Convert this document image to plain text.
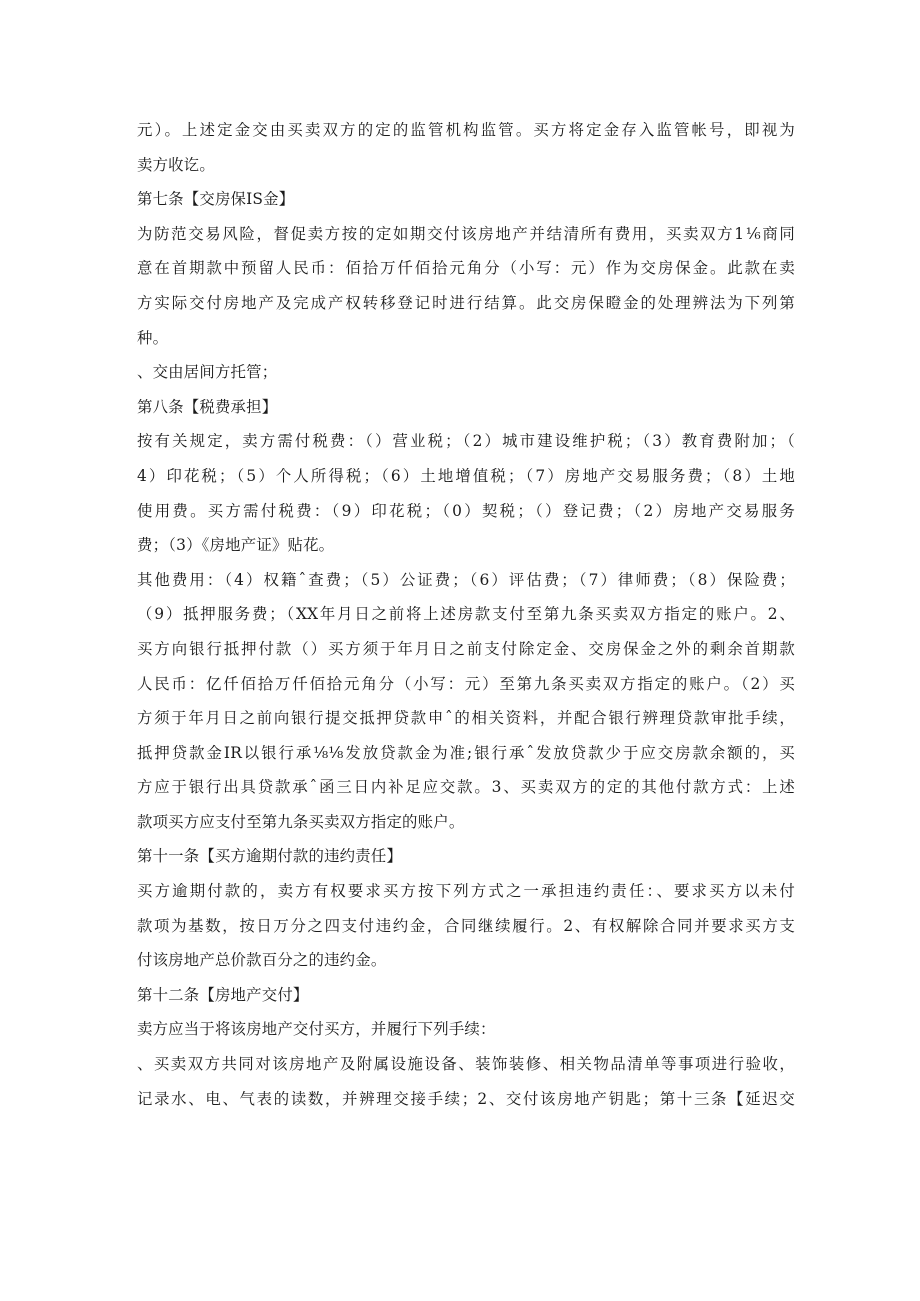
元）。上述定金交由买卖双方的定的监管机构监管。买方将定金存入监管帐号，即视为
卖方收讫。
第七条【交房保IS金】
为防范交易风险，督促卖方按的定如期交付该房地产并结清所有费用，买卖双方1⅙商同
意在首期款中预留人民币：佰拾万仟佰拾元角分（小写：元）作为交房保金。此款在卖
方实际交付房地产及完成产权转移登记时进行结算。此交房保瞪金的处理辨法为下列第
种。
、交由居间方托管；
第八条【税费承担】
按有关规定，卖方需付税费：（）营业税；（2）城市建设维护税；（3）教育费附加；（
4）印花税；（5）个人所得税；（6）土地增值税；（7）房地产交易服务费；（8）土地
使用费。买方需付税费：（9）印花税；（0）契税；（）登记费；（2）房地产交易服务
费；（3）《房地产证》贴花。
其他费用：（4）权籍ˆ查费；（5）公证费；（6）评估费；（7）律师费；（8）保险费；
（9）抵押服务费；（XX年月日之前将上述房款支付至第九条买卖双方指定的账户。2、
买方向银行抵押付款（）买方须于年月日之前支付除定金、交房保金之外的剩余首期款
人民币：亿仟佰拾万仟佰拾元角分（小写：元）至第九条买卖双方指定的账户。（2）买
方须于年月日之前向银行提交抵押贷款申ˆ的相关资料，并配合银行辨理贷款审批手续，
抵押贷款金IR以银行承⅛⅛发放贷款金为准;银行承ˆ发放贷款少于应交房款余额的，买
方应于银行出具贷款承ˆ函三日内补足应交款。3、买卖双方的定的其他付款方式：上述
款项买方应支付至第九条买卖双方指定的账户。
第十一条【买方逾期付款的违约责任】
买方逾期付款的，卖方有权要求买方按下列方式之一承担违约责任：、要求买方以未付
款项为基数，按日万分之四支付违约金，合同继续履行。2、有权解除合同并要求买方支
付该房地产总价款百分之的违约金。
第十二条【房地产交付】
卖方应当于将该房地产交付买方，并履行下列手续：
、买卖双方共同对该房地产及附属设施设备、装饰装修、相关物品清单等事项进行验收，
记录水、电、气表的读数，并辨理交接手续；2、交付该房地产钥匙；第十三条【延迟交
